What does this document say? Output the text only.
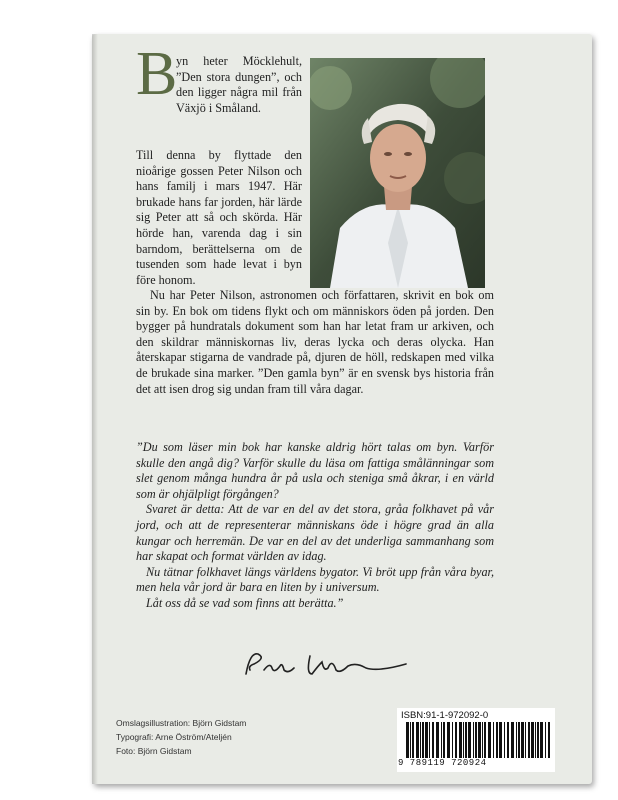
B
yn heter Möcklehult, ”Den stora dungen”, och den ligger några mil från Växjö i Småland.
Till denna by flyttade den nioårige gossen Peter Nilson och hans familj i mars 1947. Här brukade hans far jorden, här lärde sig Peter att så och skörda. Här hörde han, varenda dag i sin barndom, berättelserna om de tusenden som hade levat i byn före honom.
Nu har Peter Nilson, astronomen och författaren, skrivit en bok om sin by. En bok om tidens flykt och om människors öden på jorden. Den bygger på hundratals dokument som han har letat fram ur arkiven, och den skildrar människornas liv, deras lycka och deras olycka. Han återskapar stigarna de vandrade på, djuren de höll, redskapen med vilka de brukade sina marker. ”Den gamla byn” är en svensk bys historia från det att isen drog sig undan fram till våra dagar.

”Du som läser min bok har kanske aldrig hört talas om byn. Varför skulle den angå dig? Varför skulle du läsa om fattiga smålänningar som slet genom många hundra år på usla och steniga små åkrar, i en värld som är ohjälpligt förgången?

Svaret är detta: Att de var en del av det stora, gråa folkhavet på vår jord, och att de representerar människans öde i högre grad än alla kungar och herremän. De var en del av det underliga sammanhang som har skapat och format världen av idag.

Nu tätnar folkhavet längs världens bygator. Vi bröt upp från våra byar, men hela vår jord är bara en liten by i universum.

Låt oss då se vad som finns att berätta.”

Omslagsillustration: Björn Gidstam
Typografi: Arne Öström/Ateljén
Foto: Björn Gidstam
ISBN:91-1-972092-0
9 789119 720924
